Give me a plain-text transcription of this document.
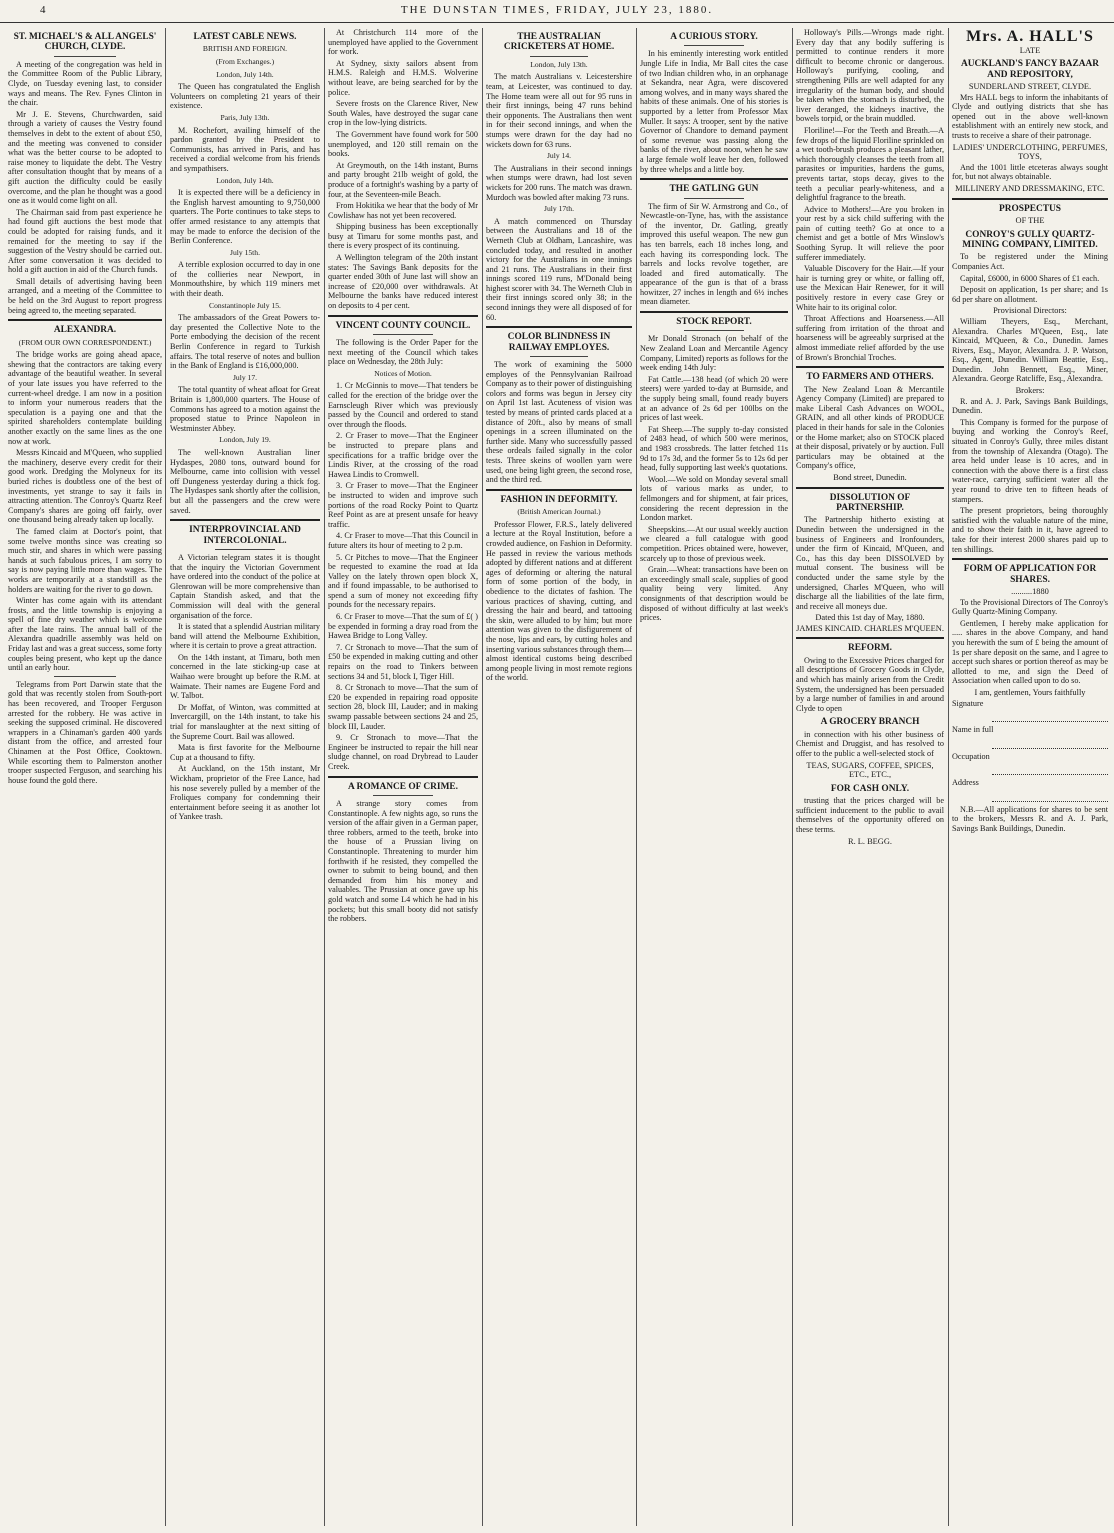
4	THE DUNSTAN TIMES, FRIDAY, JULY 23, 1880.
ST. MICHAEL'S & ALL ANGELS' CHURCH, CLYDE.

A meeting of the congregation was held in the Committee Room of the Public Library, Clyde, on Tuesday evening last, to consider ways and means. The Rev. Fynes Clinton in the chair.

Mr J. E. Stevens, Churchwarden, said through a variety of causes the Vestry found themselves in debt to the extent of about £50, and the meeting was convened to consider what was the better course to be adopted to raise money to liquidate the debt. The Vestry after consultation thought that by means of a gift auction the difficulty could be easily overcome, and the plan he thought was a good one as it would come light on all.

The Chairman said from past experience he had found gift auctions the best mode that could be adopted for raising funds, and it remained for the meeting to say if the suggestion of the Vestry should be carried out. After some conversation it was decided to hold a gift auction in aid of the Church funds.

Small details of advertising having been arranged, and a meeting of the Committee to be held on the 3rd August to report progress being agreed to, the meeting separated.

ALEXANDRA.
(FROM OUR OWN CORRESPONDENT.)

The bridge works are going ahead apace, shewing that the contractors are taking every advantage of the beautiful weather. In several of your late issues you have referred to the current-wheel dredge. I am now in a position to inform your numerous readers that the speculation is a paying one and that the spirited shareholders contemplate building another exactly on the same lines as the one now at work.

Messrs Kincaid and M'Queen, who supplied the machinery, deserve every credit for their good work. Dredging the Molyneux for its buried riches is doubtless one of the best of investments, yet strange to say it fails in attracting attention. The Conroy's Quartz Reef Company's shares are going off fairly, over one thousand being already taken up locally.

The famed claim at Doctor's point, that some twelve months since was creating so much stir, and shares in which were passing hands at such fabulous prices, I am sorry to say is now paying little more than wages. The works are temporarily at a standstill as the holders are waiting for the river to go down.

Winter has come again with its attendant frosts, and the little township is enjoying a spell of fine dry weather which is welcome after the late rains. The annual ball of the Alexandra quadrille assembly was held on Friday last and was a great success, some forty couples being present, who kept up the dance until an early hour.

Telegrams from Port Darwin state that the gold that was recently stolen from South-port has been recovered, and Trooper Ferguson arrested for the robbery. He was active in seeking the supposed criminal. He discovered wrappers in a Chinaman's garden 400 yards distant from the office, and arrested four Chinamen at the Post Office, Cooktown. While escorting them to Palmerston another trooper suspected Ferguson, and searching his house found the gold there.

LATEST CABLE NEWS.
BRITISH AND FOREIGN.
(From Exchanges.)
London, July 14th.

The Queen has congratulated the English Volunteers on completing 21 years of their existence.

Paris, July 13th.

M. Rochefort, availing himself of the pardon granted by the President to Communists, has arrived in Paris, and has received a cordial welcome from his friends and sympathisers.

London, July 14th.

It is expected there will be a deficiency in the English harvest amounting to 9,750,000 quarters. The Porte continues to take steps to offer armed resistance to any attempts that may be made to enforce the decision of the Berlin Conference.

July 15th.

A terrible explosion occurred to day in one of the collieries near Newport, in Monmouthshire, by which 119 miners met with their death.

Constantinople July 15.

The ambassadors of the Great Powers to-day presented the Collective Note to the Porte embodying the decision of the recent Berlin Conference in regard to Turkish affairs. The total reserve of notes and bullion in the Bank of England is £16,000,000.

July 17.

The total quantity of wheat afloat for Great Britain is 1,800,000 quarters. The House of Commons has agreed to a motion against the proposed statue to Prince Napoleon in Westminster Abbey.

London, July 19.

The well-known Australian liner Hydaspes, 2080 tons, outward bound for Melbourne, came into collision with vessel off Dungeness yesterday during a thick fog. The Hydaspes sank shortly after the collision, but all the passengers and the crew were saved.

INTERPROVINCIAL AND INTERCOLONIAL.

A Victorian telegram states it is thought that the inquiry the Victorian Government have ordered into the conduct of the police at Glenrowan will be more comprehensive than Captain Standish asked, and that the Commission will deal with the general organisation of the force.

It is stated that a splendid Austrian military band will attend the Melbourne Exhibition, where it is certain to prove a great attraction.

On the 14th instant, at Timaru, both men concerned in the late sticking-up case at Waihao were brought up before the R.M. at Waimate. Their names are Eugene Ford and W. Talbot.

Dr Moffat, of Winton, was committed at Invercargill, on the 14th instant, to take his trial for manslaughter at the next sitting of the Supreme Court. Bail was allowed.

Mata is first favorite for the Melbourne Cup at a thousand to fifty.

At Auckland, on the 15th instant, Mr Wickham, proprietor of the Free Lance, had his nose severely pulled by a member of the Froliques company for condemning their entertainment before seeing it as another lot of Yankee trash.

At Christchurch 114 more of the unemployed have applied to the Government for work.

At Sydney, sixty sailors absent from H.M.S. Raleigh and H.M.S. Wolverine without leave, are being searched for by the police.

Severe frosts on the Clarence River, New South Wales, have destroyed the sugar cane crop in the low-lying districts.

The Government have found work for 500 unemployed, and 120 still remain on the books.

At Greymouth, on the 14th instant, Burns and party brought 21lb weight of gold, the produce of a fortnight's washing by a party of four, at the Seventeen-mile Beach.

From Hokitika we hear that the body of Mr Cowlishaw has not yet been recovered.

Shipping business has been exceptionally busy at Timaru for some months past, and there is every prospect of its continuing.

A Wellington telegram of the 20th instant states: The Savings Bank deposits for the quarter ended 30th of June last will show an increase of £20,000 over withdrawals. At Melbourne the banks have reduced interest on deposits to 4 per cent.

VINCENT COUNTY COUNCIL.

The following is the Order Paper for the next meeting of the Council which takes place on Wednesday, the 28th July:

Notices of Motion.

1. Cr McGinnis to move—That tenders be called for the erection of the bridge over the Earnscleugh River which was previously passed by the Council and ordered to stand over through the floods.

2. Cr Fraser to move—That the Engineer be instructed to prepare plans and specifications for a traffic bridge over the Lindis River, at the crossing of the road Hawea Lindis to Cromwell.

3. Cr Fraser to move—That the Engineer be instructed to widen and improve such portions of the road Rocky Point to Quartz Reef Point as are at present unsafe for heavy traffic.

4. Cr Fraser to move—That this Council in future alters its hour of meeting to 2 p.m.

5. Cr Pitches to move—That the Engineer be requested to examine the road at Ida Valley on the lately thrown open block X, and if found impassable, to be authorised to spend a sum of money not exceeding fifty pounds for the necessary repairs.

6. Cr Fraser to move—That the sum of £( ) be expended in forming a dray road from the Hawea Bridge to Long Valley.

7. Cr Stronach to move—That the sum of £50 be expended in making cutting and other repairs on the road to Tinkers between sections 34 and 51, block I, Tiger Hill.

8. Cr Stronach to move—That the sum of £20 be expended in repairing road opposite section 28, block III, Lauder; and in making swamp passable between sections 24 and 25, block III, Lauder.

9. Cr Stronach to move—That the Engineer be instructed to repair the hill near sludge channel, on road Drybread to Lauder Creek.

A ROMANCE OF CRIME.

A strange story comes from Constantinople. A few nights ago, so runs the version of the affair given in a German paper, three robbers, armed to the teeth, broke into the house of a Prussian living on Constantinople. Threatening to murder him forthwith if he resisted, they compelled the owner to submit to being bound, and then demanded from him his money and valuables. The Prussian at once gave up his gold watch and some L4 which he had in his pockets; but this small booty did not satisfy the robbers.

THE AUSTRALIAN CRICKETERS AT HOME.
London, July 13th.

The match Australians v. Leicestershire team, at Leicester, was continued to day. The Home team were all out for 95 runs in their first innings, being 47 runs behind their opponents. The Australians then went in for their second innings, and when the stumps were drawn for the day had no wickets down for 63 runs.

July 14.

The Australians in their second innings when stumps were drawn, had lost seven wickets for 200 runs. The match was drawn. Murdoch was bowled after making 73 runs.

July 17th.

A match commenced on Thursday between the Australians and 18 of the Werneth Club at Oldham, Lancashire, was concluded today, and resulted in another victory for the Australians in one innings and 21 runs. The Australians in their first innings scored 119 runs, M'Donald being highest scorer with 34. The Werneth Club in their first innings scored only 38; in the second innings they were all disposed of for 60.

COLOR BLINDNESS IN RAILWAY EMPLOYES.

The work of examining the 5000 employes of the Pennsylvanian Railroad Company as to their power of distinguishing colors and forms was begun in Jersey city on April 1st last. Acuteness of vision was tested by means of printed cards placed at a distance of 20ft., also by means of small openings in a screen illuminated on the further side. Many who successfully passed these ordeals failed signally in the color tests. Three skeins of woollen yarn were used, one being light green, the second rose, and the third red.

FASHION IN DEFORMITY.
(British American Journal.)

Professor Flower, F.R.S., lately delivered a lecture at the Royal Institution, before a crowded audience, on Fashion in Deformity. He passed in review the various methods adopted by different nations and at different ages of deforming or altering the natural form of some portion of the body, in obedience to the dictates of fashion. The various practices of shaving, cutting, and dressing the hair and beard, and tattooing the skin, were alluded to by him; but more attention was given to the disfigurement of the nose, lips and ears, by cutting holes and inserting various substances through them—almost identical customs being described among people living in most remote regions of the world.

A CURIOUS STORY.

In his eminently interesting work entitled Jungle Life in India, Mr Ball cites the case of two Indian children who, in an orphanage at Sekandra, near Agra, were discovered among wolves, and in many ways shared the habits of these animals. One of his stories is supported by a letter from Professor Max Muller. It says: A trooper, sent by the native Governor of Chandore to demand payment of some revenue was passing along the banks of the river, about noon, when he saw a large female wolf leave her den, followed by three whelps and a little boy.

THE GATLING GUN

The firm of Sir W. Armstrong and Co., of Newcastle-on-Tyne, has, with the assistance of the inventor, Dr. Gatling, greatly improved this useful weapon. The new gun has ten barrels, each 18 inches long, and each having its corresponding lock. The barrels and locks revolve together, are loaded and fired automatically. The appearance of the gun is that of a brass howitzer, 27 inches in length and 6½ inches mean diameter.

STOCK REPORT.

Mr Donald Stronach (on behalf of the New Zealand Loan and Mercantile Agency Company, Limited) reports as follows for the week ending 14th July:

Fat Cattle.—138 head (of which 20 were steers) were yarded to-day at Burnside, and the supply being small, found ready buyers at an advance of 2s 6d per 100lbs on the prices of last week.

Fat Sheep.—The supply to-day consisted of 2483 head, of which 500 were merinos, and 1983 crossbreds. The latter fetched 11s 9d to 17s 3d, and the former 5s to 12s 6d per head, fully supporting last week's quotations.

Wool.—We sold on Monday several small lots of various marks as under, to fellmongers and for shipment, at fair prices, considering the recent depression in the London market.

Sheepskins.—At our usual weekly auction we cleared a full catalogue with good competition. Prices obtained were, however, scarcely up to those of previous week.

Grain.—Wheat: transactions have been on an exceedingly small scale, supplies of good quality being very limited. Any consignments of that description would be disposed of without difficulty at last week's prices.

Holloway's Pills.—Wrongs made right. Every day that any bodily suffering is permitted to continue renders it more difficult to become chronic or dangerous. Holloway's purifying, cooling, and strengthening Pills are well adapted for any irregularity of the human body, and should be taken when the stomach is disturbed, the liver deranged, the kidneys inactive, the bowels torpid, or the brain muddled.

Floriline!—For the Teeth and Breath.—A few drops of the liquid Floriline sprinkled on a wet tooth-brush produces a pleasant lather, which thoroughly cleanses the teeth from all parasites or impurities, hardens the gums, prevents tartar, stops decay, gives to the teeth a peculiar pearly-whiteness, and a delightful fragrance to the breath.

Advice to Mothers!—Are you broken in your rest by a sick child suffering with the pain of cutting teeth? Go at once to a chemist and get a bottle of Mrs Winslow's Soothing Syrup. It will relieve the poor sufferer immediately.

Valuable Discovery for the Hair.—If your hair is turning grey or white, or falling off, use the Mexican Hair Renewer, for it will positively restore in every case Grey or White hair to its original color.

Throat Affections and Hoarseness.—All suffering from irritation of the throat and hoarseness will be agreeably surprised at the almost immediate relief afforded by the use of Brown's Bronchial Troches.

TO FARMERS AND OTHERS.

The New Zealand Loan & Mercantile Agency Company (Limited) are prepared to make Liberal Cash Advances on WOOL, GRAIN, and all other kinds of PRODUCE placed in their hands for sale in the Colonies or the Home market; also on STOCK placed at their disposal, privately or by auction. Full particulars may be obtained at the Company's office,

Bond street, Dunedin.
DISSOLUTION OF PARTNERSHIP.

The Partnership hitherto existing at Dunedin between the undersigned in the business of Engineers and Ironfounders, under the firm of Kincaid, M'Queen, and Co., has this day been DISSOLVED by mutual consent. The business will be conducted under the same style by the undersigned, Charles M'Queen, who will discharge all the liabilities of the late firm, and receive all moneys due.

Dated this 1st day of May, 1880.
JAMES KINCAID. CHARLES M'QUEEN.
REFORM.

Owing to the Excessive Prices charged for all descriptions of Grocery Goods in Clyde, and which has mainly arisen from the Credit System, the undersigned has been persuaded by a large number of families in and around Clyde to open

A GROCERY BRANCH

in connection with his other business of Chemist and Druggist, and has resolved to offer to the public a well-selected stock of

TEAS, SUGARS, COFFEE, SPICES, ETC., ETC.,
FOR CASH ONLY.

trusting that the prices charged will be sufficient inducement to the public to avail themselves of the opportunity offered on these terms.

R. L. BEGG.
Mrs. A. HALL'S
LATE
AUCKLAND'S FANCY BAZAAR AND REPOSITORY,
SUNDERLAND STREET, CLYDE.

Mrs HALL begs to inform the inhabitants of Clyde and outlying districts that she has opened out in the above well-known establishment with an entirely new stock, and trusts to receive a share of their patronage.

LADIES' UNDERCLOTHING, PERFUMES, TOYS,

And the 1001 little etceteras always sought for, but not always obtainable.

MILLINERY AND DRESSMAKING, ETC.
PROSPECTUS
OF THE
CONROY'S GULLY QUARTZ-MINING COMPANY, LIMITED.

To be registered under the Mining Companies Act.

Capital, £6000, in 6000 Shares of £1 each.

Deposit on application, 1s per share; and 1s 6d per share on allotment.

Provisional Directors:

William Theyers, Esq., Merchant, Alexandra. Charles M'Queen, Esq., late Kincaid, M'Queen, & Co., Dunedin. James Rivers, Esq., Mayor, Alexandra. J. P. Watson, Esq., Agent, Dunedin. William Beattie, Esq., Dunedin. John Bennett, Esq., Miner, Alexandra. George Ratcliffe, Esq., Alexandra.

Brokers:

R. and A. J. Park, Savings Bank Buildings, Dunedin.

This Company is formed for the purpose of buying and working the Conroy's Reef, situated in Conroy's Gully, three miles distant from the township of Alexandra (Otago). The area held under lease is 10 acres, and in connection with the above there is a first class water-race, carrying sufficient water all the year round to drive ten to fifteen heads of stampers.

The present proprietors, being thoroughly satisfied with the valuable nature of the mine, and to show their faith in it, have agreed to take for their interest 2000 shares paid up to ten shillings.

FORM OF APPLICATION FOR SHARES.
..........1880

To the Provisional Directors of The Conroy's Gully Quartz-Mining Company.

Gentlemen, I hereby make application for ..... shares in the above Company, and hand you herewith the sum of £ being the amount of 1s per share deposit on the same, and I agree to accept such shares or portion thereof as may be allotted to me, and sign the Deed of Association when called upon to do so.

I am, gentlemen, Yours faithfully
Signature
Name in full
Occupation
Address

N.B.—All applications for shares to be sent to the brokers, Messrs R. and A. J. Park, Savings Bank Buildings, Dunedin.
